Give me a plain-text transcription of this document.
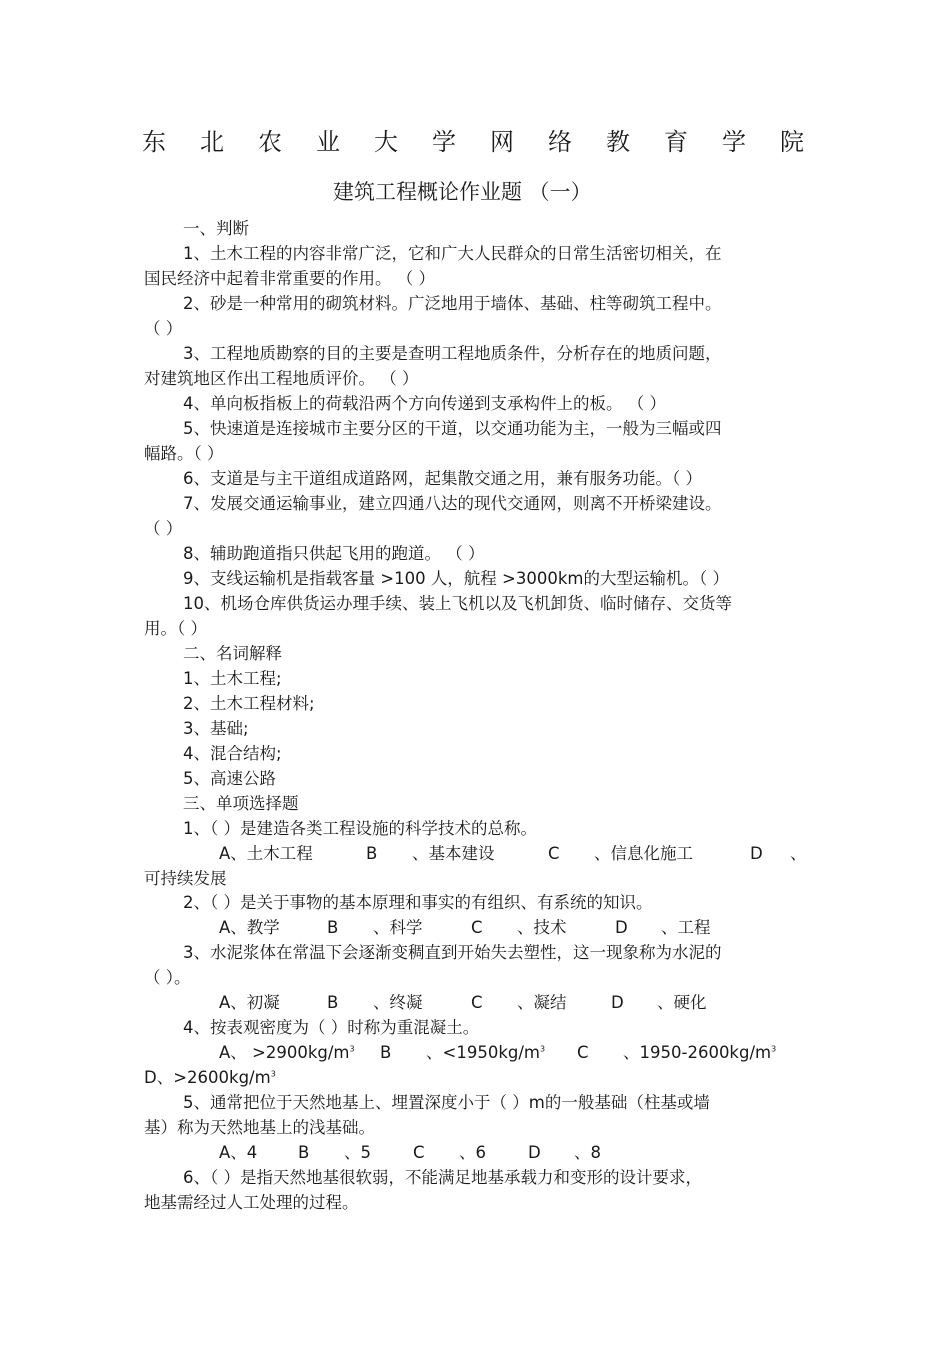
东	北	农	业	大	学	网	络	教	育	学	院
建筑工程概论作业题 （一）
一、判断
1、土木工程的内容非常广泛，它和广大人民群众的日常生活密切相关，在
国民经济中起着非常重要的作用。 （ ）
2、砂是一种常用的砌筑材料。广泛地用于墙体、基础、柱等砌筑工程中。
（ ）
3、工程地质勘察的目的主要是查明工程地质条件，分析存在的地质问题，
对建筑地区作出工程地质评价。 （ ）
4、单向板指板上的荷载沿两个方向传递到支承构件上的板。 （ ）
5、快速道是连接城市主要分区的干道，以交通功能为主，一般为三幅或四
幅路。（ ）
6、支道是与主干道组成道路网，起集散交通之用，兼有服务功能。（ ）
7、发展交通运输事业，建立四通八达的现代交通网，则离不开桥梁建设。
（ ）
8、辅助跑道指只供起飞用的跑道。 （ ）
9、支线运输机是指载客量 >100 人，航程 >3000km的大型运输机。（ ）
10、机场仓库供货运办理手续、装上飞机以及飞机卸货、临时储存、交货等
用。（ ）
二、名词解释
1、土木工程;
2、土木工程材料;
3、基础;
4、混合结构;
5、高速公路
三、单项选择题
1、（ ）是建造各类工程设施的科学技术的总称。
A、土木工程	B 、基本建设	C 、信息化施工	D 、
可持续发展
2、（ ）是关于事物的基本原理和事实的有组织、有系统的知识。
A、教学	B 、科学	C 、技术	D 、工程
3、水泥浆体在常温下会逐渐变稠直到开始失去塑性，这一现象称为水泥的
（ ）。
A、初凝	B 、终凝	C 、凝结	D 、硬化
4、按表观密度为（ ）时称为重混凝土。
A、 $>2900kg/m^3$ B 、$<1950kg/m^3$ C 、$1950-2600kg/m^3$
D、$>2600kg/m^3$
5、通常把位于天然地基上、埋置深度小于（ ）m的一般基础（柱基或墙
基）称为天然地基上的浅基础。
A、4 B 、5	C 、6	D 、8
6、（ ）是指天然地基很软弱，不能满足地基承载力和变形的设计要求，
地基需经过人工处理的过程。
